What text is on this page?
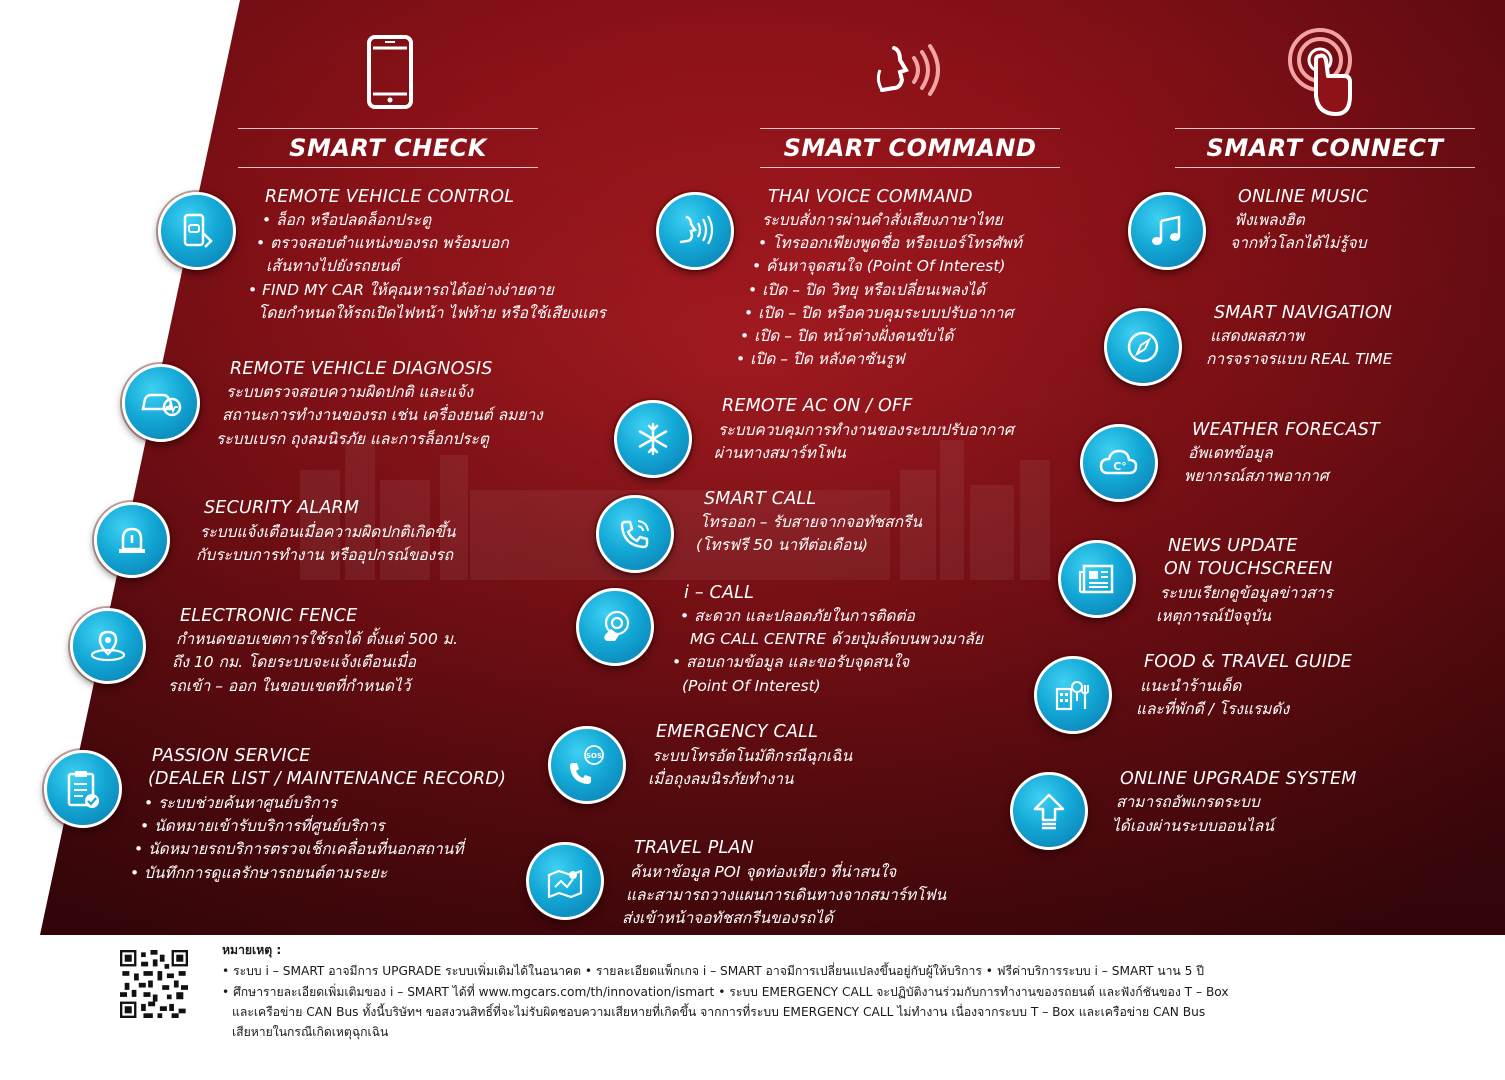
SMART CHECK	SMART COMMAND	SMART CONNECT
REMOTE VEHICLE CONTROL
• ล็อก หรือปลดล็อกประตู
• ตรวจสอบตำแหน่งของรถ พร้อมบอก
เส้นทางไปยังรถยนต์
• FIND MY CAR ให้คุณหารถได้อย่างง่ายดาย
โดยกำหนดให้รถเปิดไฟหน้า ไฟท้าย หรือใช้เสียงแตร
REMOTE VEHICLE DIAGNOSIS
ระบบตรวจสอบความผิดปกติ และแจ้ง
สถานะการทำงานของรถ เช่น เครื่องยนต์ ลมยาง
ระบบเบรก ถุงลมนิรภัย และการล็อกประตู
SECURITY ALARM
ระบบแจ้งเตือนเมื่อความผิดปกติเกิดขึ้น
กับระบบการทำงาน หรืออุปกรณ์ของรถ
ELECTRONIC FENCE
กำหนดขอบเขตการใช้รถได้ ตั้งแต่ 500 ม.
ถึง 10 กม. โดยระบบจะแจ้งเตือนเมื่อ
รถเข้า – ออก ในขอบเขตที่กำหนดไว้
PASSION SERVICE
(DEALER LIST / MAINTENANCE RECORD)
• ระบบช่วยค้นหาศูนย์บริการ
• นัดหมายเข้ารับบริการที่ศูนย์บริการ
• นัดหมายรถบริการตรวจเช็กเคลื่อนที่นอกสถานที่
• บันทึกการดูแลรักษารถยนต์ตามระยะ
THAI VOICE COMMAND
ระบบสั่งการผ่านคำสั่งเสียงภาษาไทย
• โทรออกเพียงพูดชื่อ หรือเบอร์โทรศัพท์
• ค้นหาจุดสนใจ (Point Of Interest)
• เปิด – ปิด วิทยุ หรือเปลี่ยนเพลงได้
• เปิด – ปิด หรือควบคุมระบบปรับอากาศ
• เปิด – ปิด หน้าต่างฝั่งคนขับได้
• เปิด – ปิด หลังคาซันรูฟ
REMOTE AC ON / OFF
ระบบควบคุมการทำงานของระบบปรับอากาศ
ผ่านทางสมาร์ทโฟน
SMART CALL
โทรออก – รับสายจากจอทัชสกรีน
(โทรฟรี 50 นาทีต่อเดือน)
i – CALL
• สะดวก และปลอดภัยในการติดต่อ
MG CALL CENTRE ด้วยปุ่มลัดบนพวงมาลัย
• สอบถามข้อมูล และขอรับจุดสนใจ
(Point Of Interest)
SOS
EMERGENCY CALL
ระบบโทรอัตโนมัติกรณีฉุกเฉิน
เมื่อถุงลมนิรภัยทำงาน
TRAVEL PLAN
ค้นหาข้อมูล POI จุดท่องเที่ยว ที่น่าสนใจ
และสามารถวางแผนการเดินทางจากสมาร์ทโฟน
ส่งเข้าหน้าจอทัชสกรีนของรถได้
ONLINE MUSIC
ฟังเพลงฮิต
จากทั่วโลกได้ไม่รู้จบ
SMART NAVIGATION
แสดงผลสภาพ
การจราจรแบบ REAL TIME
C°
WEATHER FORECAST
อัพเดทข้อมูล
พยากรณ์สภาพอากาศ
NEWS UPDATE
ON TOUCHSCREEN
ระบบเรียกดูข้อมูลข่าวสาร
เหตุการณ์ปัจจุบัน
FOOD & TRAVEL GUIDE
แนะนำร้านเด็ด
และที่พักดี / โรงแรมดัง
ONLINE UPGRADE SYSTEM
สามารถอัพเกรดระบบ
ได้เองผ่านระบบออนไลน์
หมายเหตุ :
• ระบบ i – SMART อาจมีการ UPGRADE ระบบเพิ่มเติมได้ในอนาคต • รายละเอียดแพ็กเกจ i – SMART อาจมีการเปลี่ยนแปลงขึ้นอยู่กับผู้ให้บริการ • ฟรีค่าบริการระบบ i – SMART นาน 5 ปี
• ศึกษารายละเอียดเพิ่มเติมของ i – SMART ได้ที่ www.mgcars.com/th/innovation/ismart • ระบบ EMERGENCY CALL จะปฏิบัติงานร่วมกับการทำงานของรถยนต์ และฟังก์ชันของ T – Box
และเครือข่าย CAN Bus ทั้งนี้บริษัทฯ ขอสงวนสิทธิ์ที่จะไม่รับผิดชอบความเสียหายที่เกิดขึ้น จากการที่ระบบ EMERGENCY CALL ไม่ทำงาน เนื่องจากระบบ T – Box และเครือข่าย CAN Bus
เสียหายในกรณีเกิดเหตุฉุกเฉิน
